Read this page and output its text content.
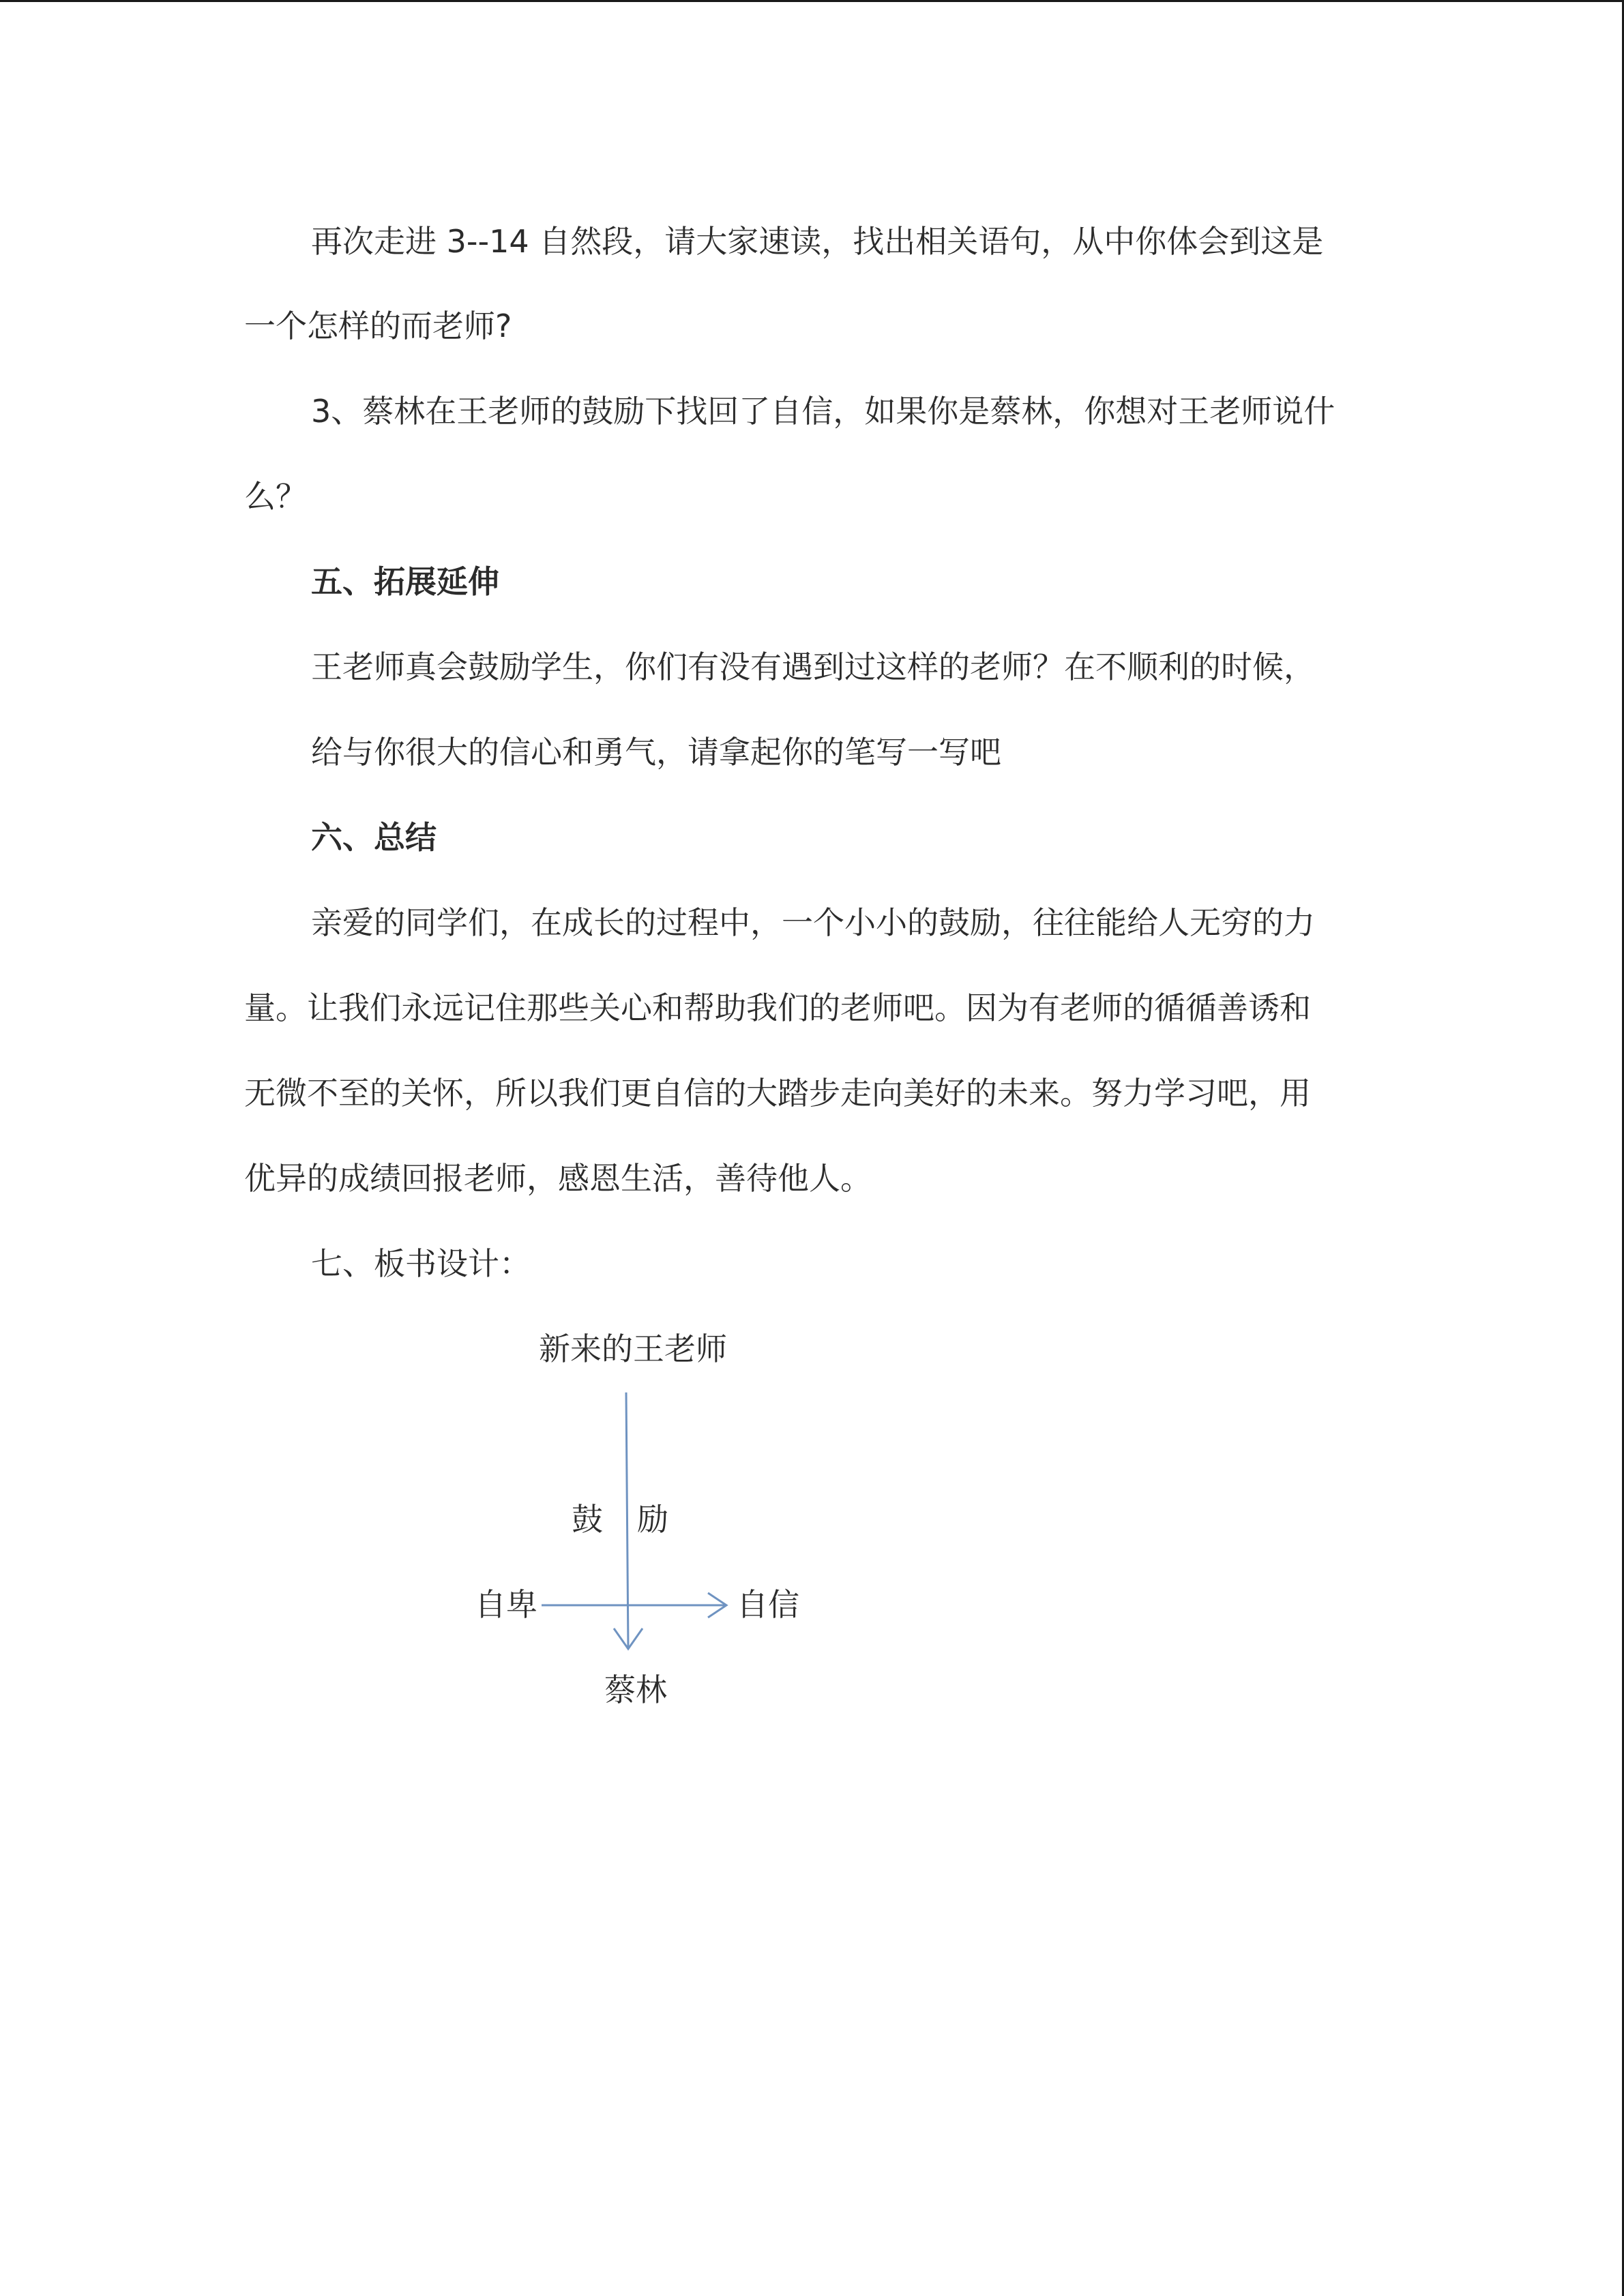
再次走进 3--14 自然段，请大家速读，找出相关语句，从中你体会到这是

一个怎样的而老师?

3、蔡林在王老师的鼓励下找回了自信，如果你是蔡林，你想对王老师说什

么？

五、拓展延伸

王老师真会鼓励学生，你们有没有遇到过这样的老师？在不顺利的时候，

给与你很大的信心和勇气，请拿起你的笔写一写吧

六、总结

亲爱的同学们，在成长的过程中，一个小小的鼓励，往往能给人无穷的力

量。让我们永远记住那些关心和帮助我们的老师吧。因为有老师的循循善诱和

无微不至的关怀，所以我们更自信的大踏步走向美好的未来。努力学习吧，用

优异的成绩回报老师，感恩生活，善待他人。

七、板书设计：

新来的王老师

鼓 励

自卑	自信

蔡林
